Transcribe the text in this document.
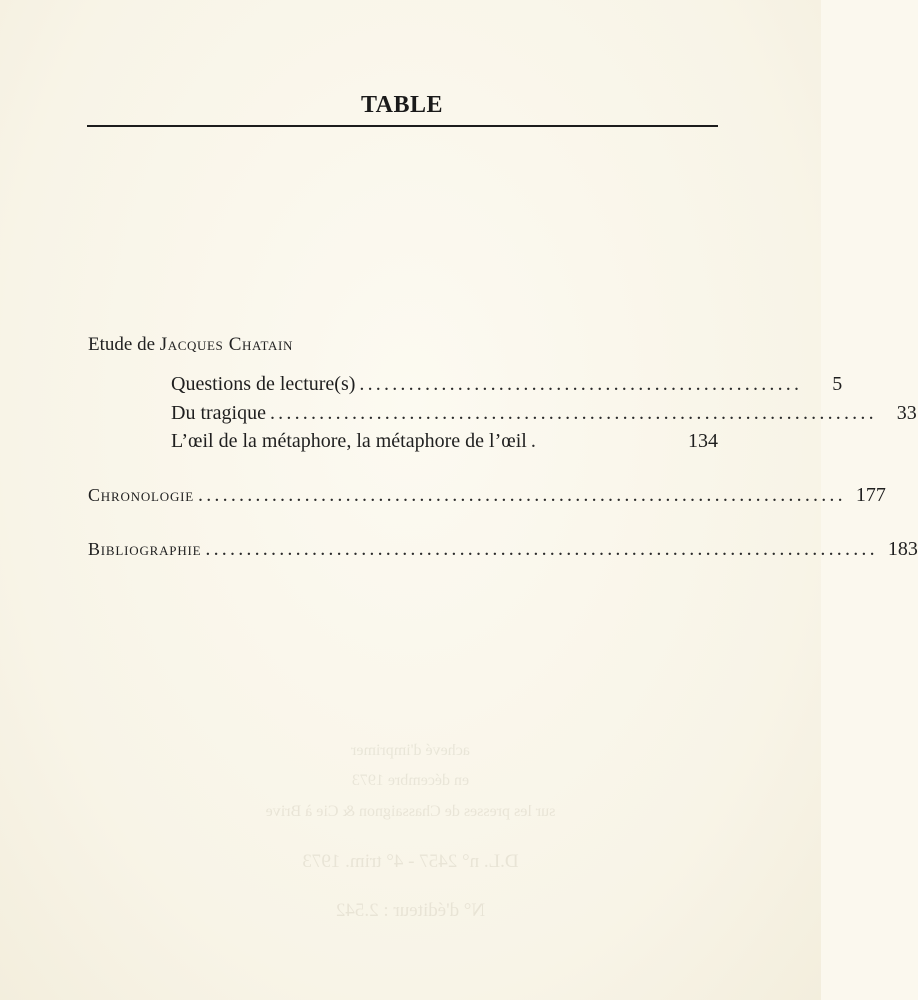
TABLE
Etude de Jacques Chatain
Questions de lecture(s) ......................................................	5
Du tragique ..........................................................................	33
L’œil de la métaphore, la métaphore de l’œil .	134
Chronologie ............................................................................... 177
Bibliographie .................................................................................. 183
achevé d'imprimer
en décembre 1973
sur les presses de Chassaignon & Cie à Brive
D.L. n° 2457 - 4° trim. 1973
N° d'éditeur : 2.542
